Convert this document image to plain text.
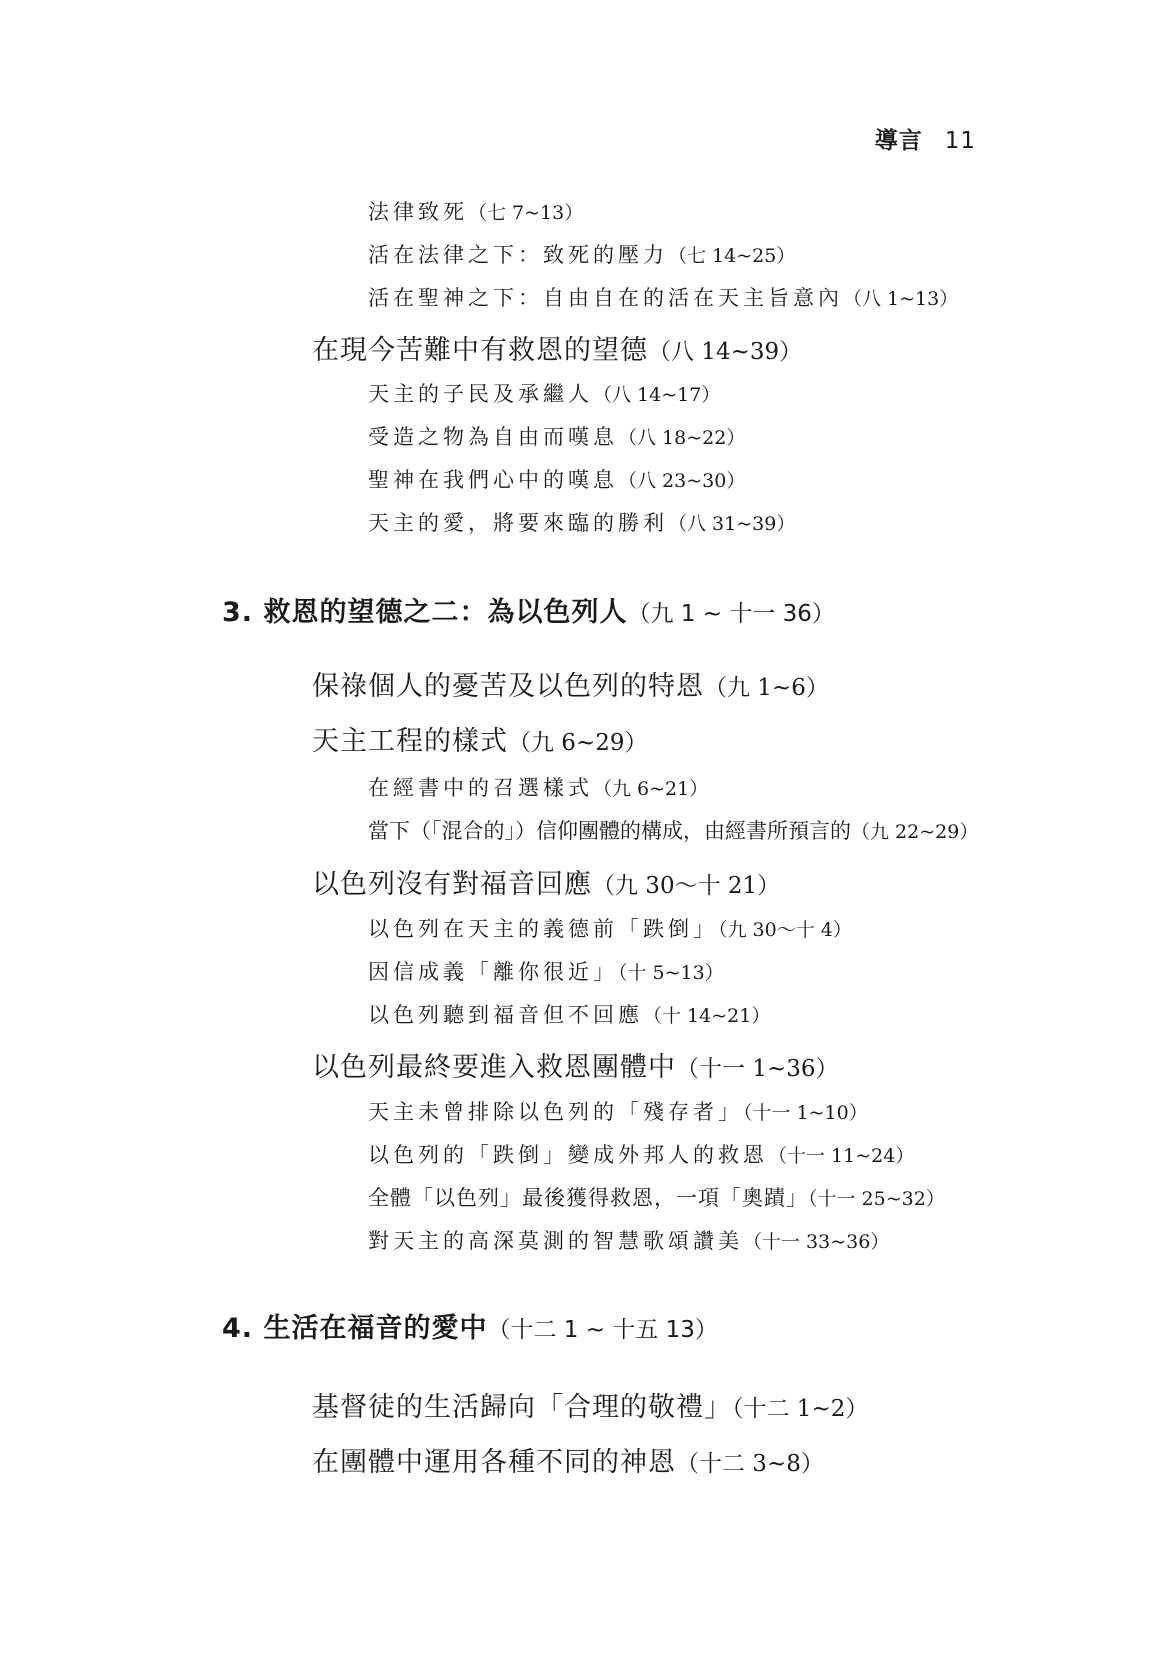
導言 11
法律致死（七 7~13）
活在法律之下：致死的壓力（七 14~25）
活在聖神之下：自由自在的活在天主旨意內（八 1~13）
在現今苦難中有救恩的望德（八 14~39）
天主的子民及承繼人（八 14~17）
受造之物為自由而嘆息（八 18~22）
聖神在我們心中的嘆息（八 23~30）
天主的愛，將要來臨的勝利（八 31~39）
3. 救恩的望德之二：為以色列人（九 1 ~ 十一 36）
保祿個人的憂苦及以色列的特恩（九 1~6）
天主工程的樣式（九 6~29）
在經書中的召選樣式（九 6~21）
當下（「混合的」）信仰團體的構成，由經書所預言的（九 22~29）
以色列沒有對福音回應（九 30～十 21）
以色列在天主的義德前「跌倒」（九 30～十 4）
因信成義「離你很近」（十 5~13）
以色列聽到福音但不回應（十 14~21）
以色列最終要進入救恩團體中（十一 1~36）
天主未曾排除以色列的「殘存者」（十一 1~10）
以色列的「跌倒」變成外邦人的救恩（十一 11~24）
全體「以色列」最後獲得救恩，一項「奧蹟」（十一 25~32）
對天主的高深莫測的智慧歌頌讚美（十一 33~36）
4. 生活在福音的愛中（十二 1 ~ 十五 13）
基督徒的生活歸向「合理的敬禮」（十二 1~2）
在團體中運用各種不同的神恩（十二 3~8）
